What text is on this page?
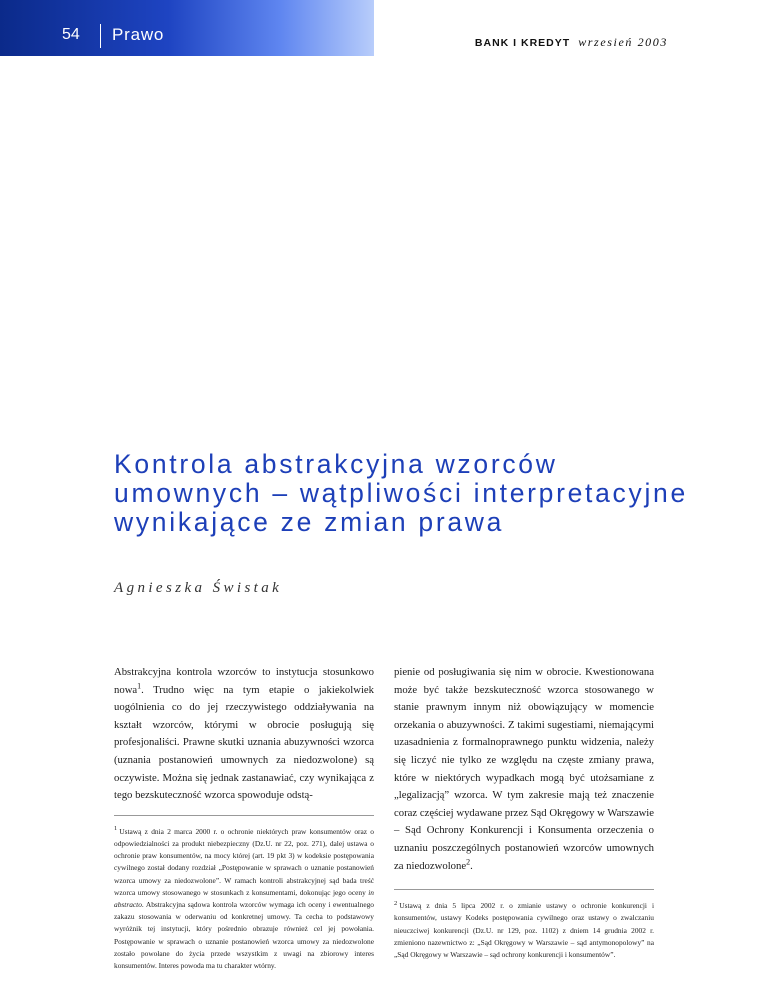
54 Prawo	BANK I KREDYT wrzesień 2003
Kontrola abstrakcyjna wzorców umownych – wątpliwości interpretacyjne wynikające ze zmian prawa
Agnieszka Świstak

Abstrakcyjna kontrola wzorców to instytucja stosunkowo nowa$^1$. Trudno więc na tym etapie o jakiekolwiek uogólnienia co do jej rzeczywistego oddziaływania na kształt wzorców, którymi w obrocie posługują się profesjonaliści. Prawne skutki uznania abuzywności wzorca (uznania postanowień umownych za niedozwolone) są oczywiste. Można się jednak zastanawiać, czy wynikająca z tego bezskuteczność wzorca spowoduje odstą-

1 Ustawą z dnia 2 marca 2000 r. o ochronie niektórych praw konsumentów oraz o odpowiedzialności za produkt niebezpieczny (Dz.U. nr 22, poz. 271), dalej ustawa o ochronie praw konsumentów, na mocy której (art. 19 pkt 3) w kodeksie postępowania cywilnego został dodany rozdział „Postępowanie w sprawach o uznanie postanowień wzorca umowy za niedozwolone”. W ramach kontroli abstrakcyjnej sąd bada treść wzorca umowy stosowanego w stosunkach z konsumentami, dokonując jego oceny in abstracto. Abstrakcyjna sądowa kontrola wzorców wymaga ich oceny i ewentualnego zakazu stosowania w oderwaniu od konkretnej umowy. Ta cecha to podstawowy wyróżnik tej instytucji, który pośrednio obrazuje również cel jej powołania. Postępowanie w sprawach o uznanie postanowień wzorca umowy za niedozwolone zostało powołane do życia przede wszystkim z uwagi na zbiorowy interes konsumentów. Interes powoda ma tu charakter wtórny.

pienie od posługiwania się nim w obrocie. Kwestionowana może być także bezskuteczność wzorca stosowanego w stanie prawnym innym niż obowiązujący w momencie orzekania o abuzywności. Z takimi sugestiami, niemającymi uzasadnienia z formalnoprawnego punktu widzenia, należy się liczyć nie tylko ze względu na częste zmiany prawa, które w niektórych wypadkach mogą być utożsamiane z „legalizacją” wzorca. W tym zakresie mają też znaczenie coraz częściej wydawane przez Sąd Okręgowy w Warszawie – Sąd Ochrony Konkurencji i Konsumenta orzeczenia o uznaniu poszczególnych postanowień wzorców umownych za niedozwolone$^2$.

2 Ustawą z dnia 5 lipca 2002 r. o zmianie ustawy o ochronie konkurencji i konsumentów, ustawy Kodeks postępowania cywilnego oraz ustawy o zwalczaniu nieuczciwej konkurencji (Dz.U. nr 129, poz. 1102) z dniem 14 grudnia 2002 r. zmieniono nazewnictwo z: „Sąd Okręgowy w Warszawie – sąd antymonopolowy” na „Sąd Okręgowy w Warszawie – sąd ochrony konkurencji i konsumentów”.
